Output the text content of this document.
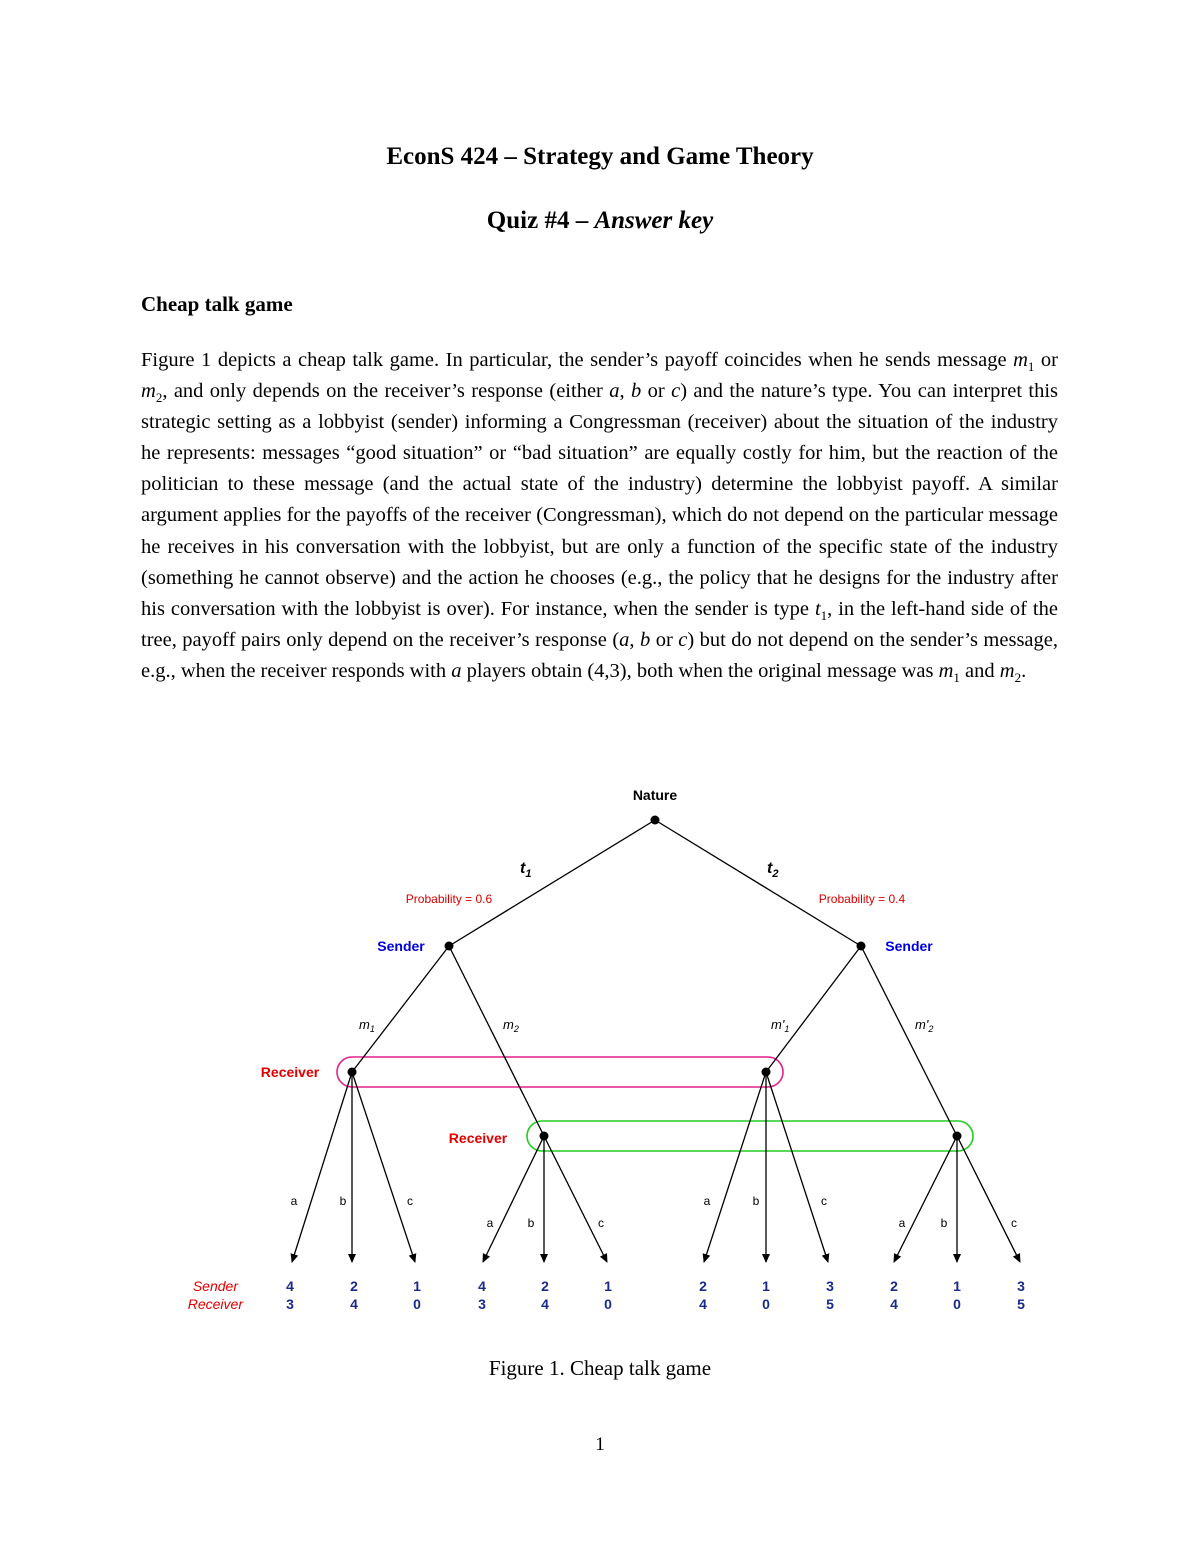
EconS 424 – Strategy and Game Theory
Quiz #4 – Answer key
Cheap talk game

Figure 1 depicts a cheap talk game. In particular, the sender’s payoff coincides when he sends message $m_1$ or $m_2$, and only depends on the receiver’s response (either a, b or c) and the nature’s type. You can interpret this strategic setting as a lobbyist (sender) informing a Congressman (receiver) about the situation of the industry he represents: messages “good situation” or “bad situation” are equally costly for him, but the reaction of the politician to these message (and the actual state of the industry) determine the lobbyist payoff. A similar argument applies for the payoffs of the receiver (Congressman), which do not depend on the particular message he receives in his conversation with the lobbyist, but are only a function of the specific state of the industry (something he cannot observe) and the action he chooses (e.g., the policy that he designs for the industry after his conversation with the lobbyist is over). For instance, when the sender is type $t_1$, in the left-hand side of the tree, payoff pairs only depend on the receiver’s response (a, b or c) but do not depend on the sender’s message, e.g., when the receiver responds with a players obtain (4,3), both when the original message was $m_1$ and $m_2$.

Nature
$t_1$	$t_2$
Probability = 0.6	Probability = 0.4
Sender	Sender
$m_1$	$m_2$	$m'_1$	$m'_2$
Receiver
Receiver
a	b	c
a	b	c
a	b	c
a	b	c
Sender
Receiver
4	2	1	4	2	1	2	1	3	2	1	3
3	4	0	3	4	0	4	0	5	4	0	5
Figure 1. Cheap talk game
1
